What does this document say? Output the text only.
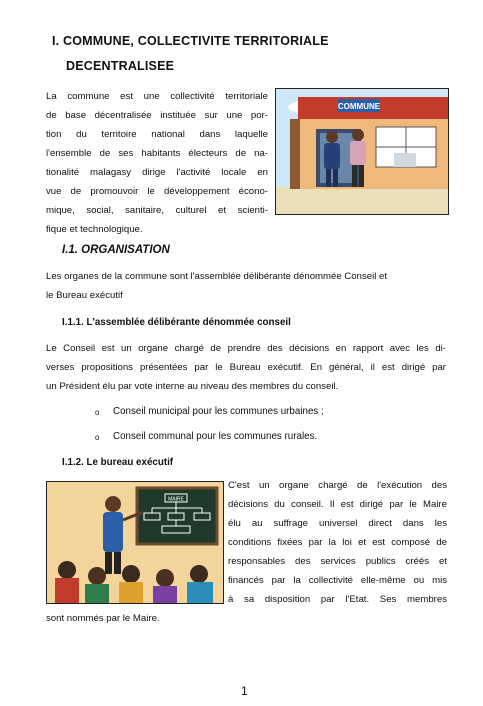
I. COMMUNE, COLLECTIVITE TERRITORIALE
DECENTRALISEE
La commune est une collectivité territoriale
de base décentralisée instituée sur une por-
tion du territoire national dans laquelle
l'ensemble de ses habitants électeurs de na-
tionalité malagasy dirige l'activité locale en
vue de promouvoir le développement écono-
mique, social, sanitaire, culturel et scienti-
fique et technologique.
COMMUNE
I.1. ORGANISATION
Les organes de la commune sont l'assemblée délibérante dénommée Conseil et
le Bureau exécutif
I.1.1. L'assemblée délibérante dénommée conseil
Le Conseil est un organe chargé de prendre des décisions en rapport avec les di-
verses propositions présentées par le Bureau exécutif. En général, il est dirigé par
un Président élu par vote interne au niveau des membres du conseil.
o	Conseil municipal pour les communes urbaines ;
o	Conseil communal pour les communes rurales.
I.1.2. Le bureau exécutif
MAIRE
C'est un organe chargé de l'exécution des
décisions du conseil. Il est dirigé par le Maire
élu au suffrage universel direct dans les
conditions fixées par la loi et est composé de
responsables des services publics créés et
financés par la collectivité elle-même ou mis
à sa disposition par l'Etat. Ses membres
sont nommés par le Maire.
1
